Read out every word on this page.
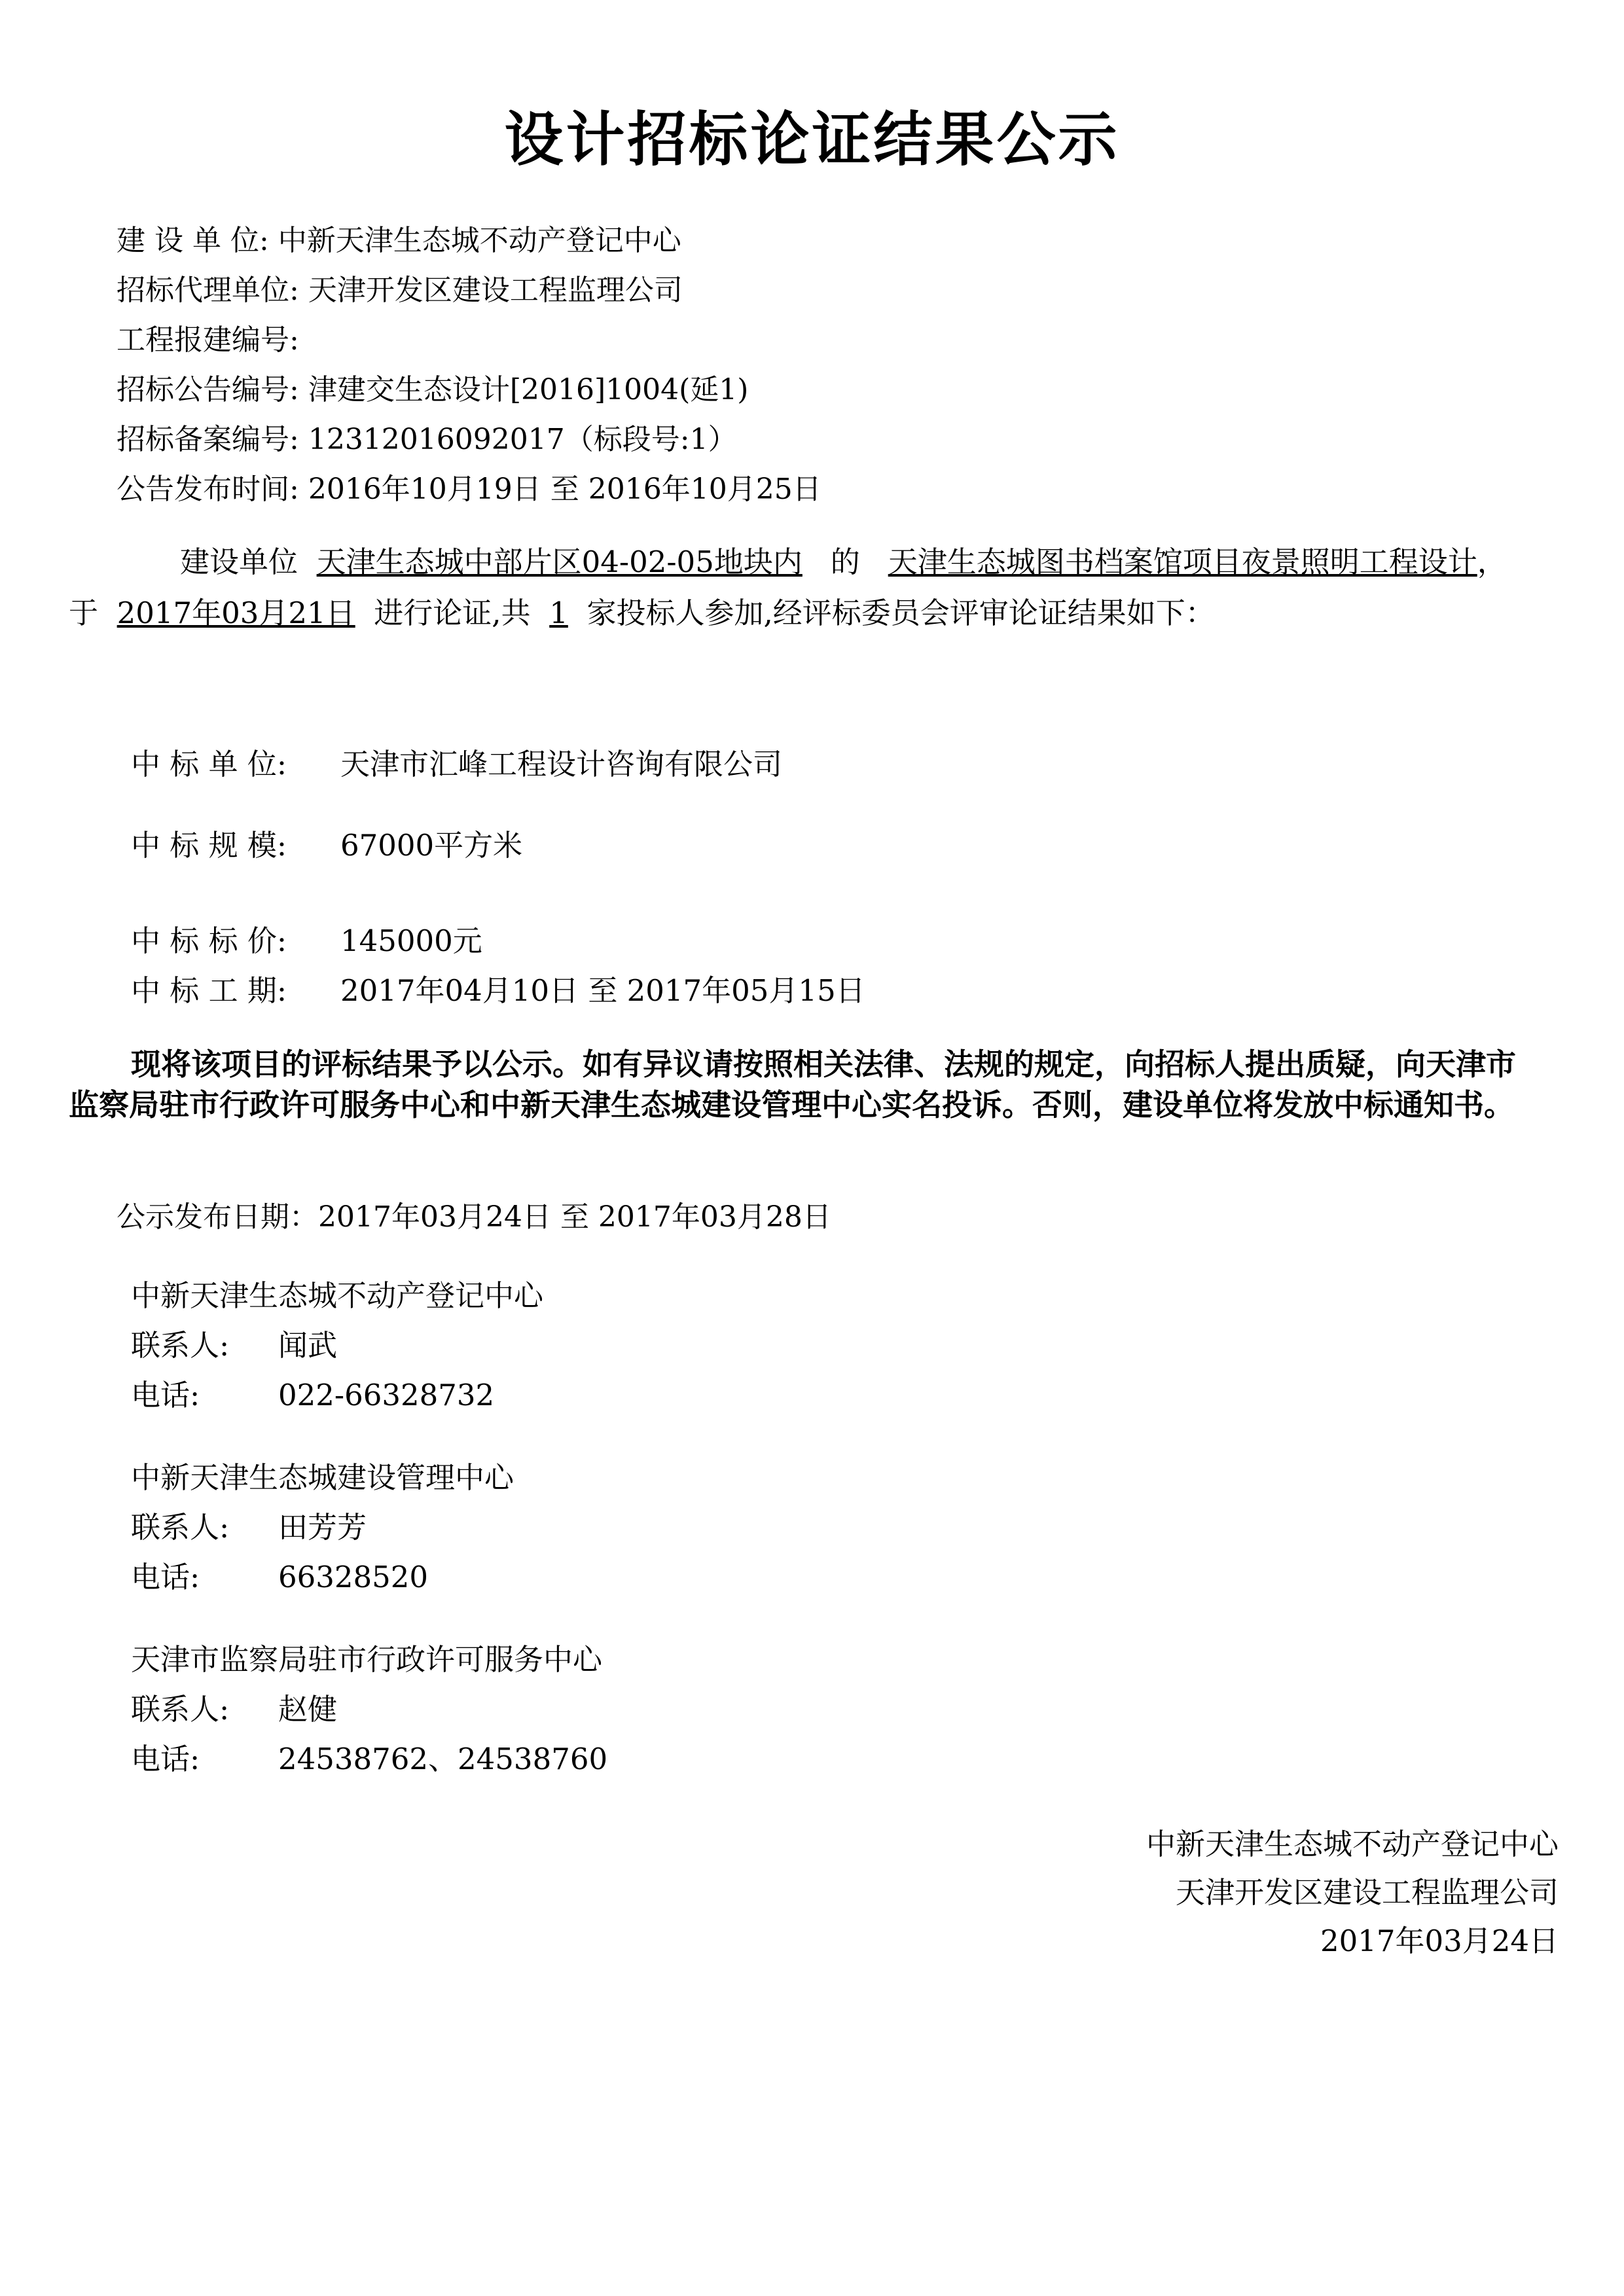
设计招标论证结果公示
建 设 单 位: 中新天津生态城不动产登记中心
招标代理单位: 天津开发区建设工程监理公司
工程报建编号:
招标公告编号: 津建交生态设计[2016]1004(延1)
招标备案编号: 12312016092017（标段号:1）
公告发布时间: 2016年10月19日 至 2016年10月25日
建设单位 天津生态城中部片区04-02-05地块内 的 天津生态城图书档案馆项目夜景照明工程设计，于 2017年03月21日 进行论证,共 1 家投标人参加,经评标委员会评审论证结果如下：
中 标 单 位: 天津市汇峰工程设计咨询有限公司
中 标 规 模: 67000平方米
中 标 标 价: 145000元
中 标 工 期: 2017年04月10日 至 2017年05月15日
现将该项目的评标结果予以公示。如有异议请按照相关法律、法规的规定，向招标人提出质疑，向天津市监察局驻市行政许可服务中心和中新天津生态城建设管理中心实名投诉。否则，建设单位将发放中标通知书。
公示发布日期：2017年03月24日 至 2017年03月28日
中新天津生态城不动产登记中心
联系人: 闻武
电话:	022-66328732
中新天津生态城建设管理中心
联系人: 田芳芳
电话:	66328520
天津市监察局驻市行政许可服务中心
联系人: 赵健
电话:	24538762、24538760
中新天津生态城不动产登记中心
天津开发区建设工程监理公司
2017年03月24日
